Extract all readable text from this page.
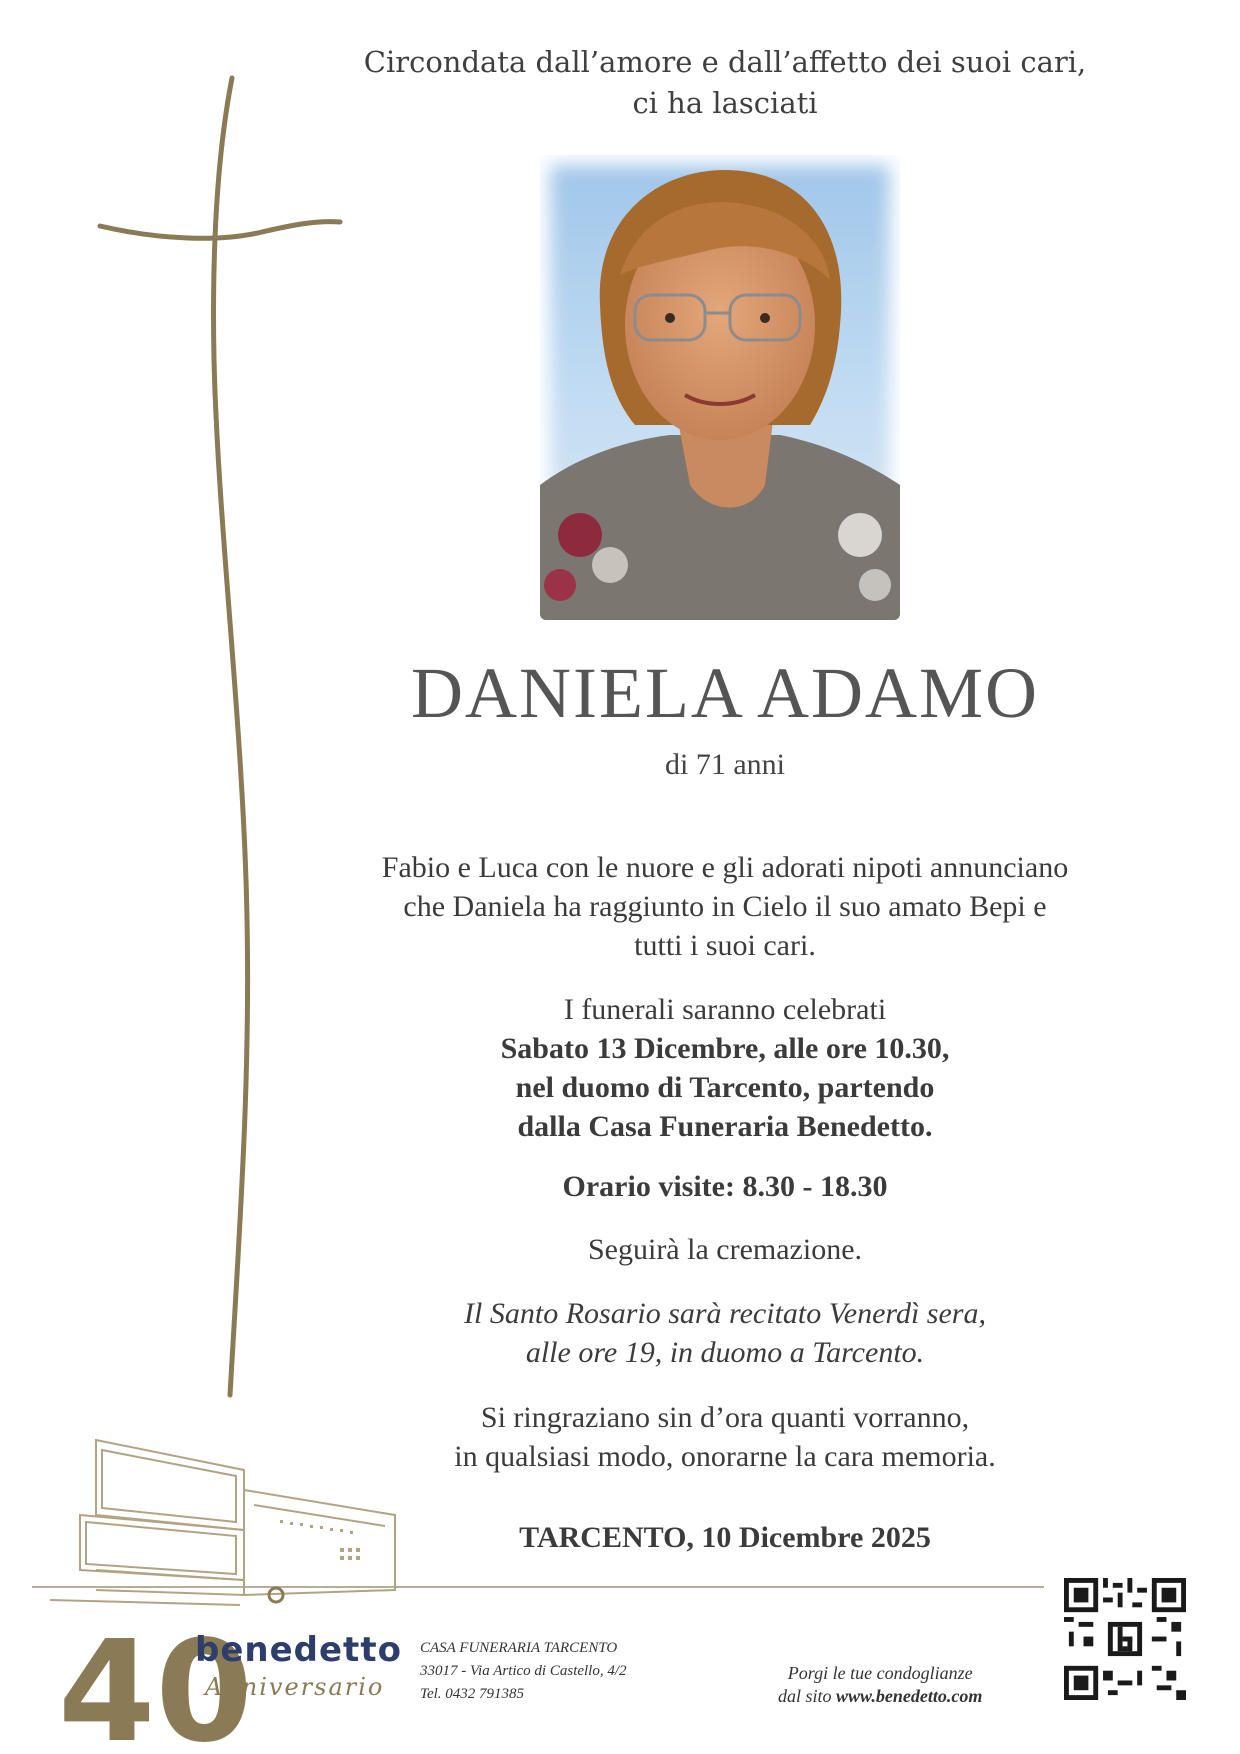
Circondata dall’amore e dall’affetto dei suoi cari,
ci ha lasciati
DANIELA ADAMO
di 71 anni
Fabio e Luca con le nuore e gli adorati nipoti annunciano
che Daniela ha raggiunto in Cielo il suo amato Bepi e
tutti i suoi cari.
I funerali saranno celebrati
Sabato 13 Dicembre, alle ore 10.30,
nel duomo di Tarcento, partendo
dalla Casa Funeraria Benedetto.
Orario visite: 8.30 - 18.30
Seguirà la cremazione.
Il Santo Rosario sarà recitato Venerdì sera,
alle ore 19, in duomo a Tarcento.
Si ringraziano sin d’ora quanti vorranno,
in qualsiasi modo, onorarne la cara memoria.
TARCENTO, 10 Dicembre 2025
40
benedetto
Anniversario
CASA FUNERARIA TARCENTO
33017 - Via Artico di Castello, 4/2
Tel. 0432 791385
Porgi le tue condoglianze
dal sito www.benedetto.com
